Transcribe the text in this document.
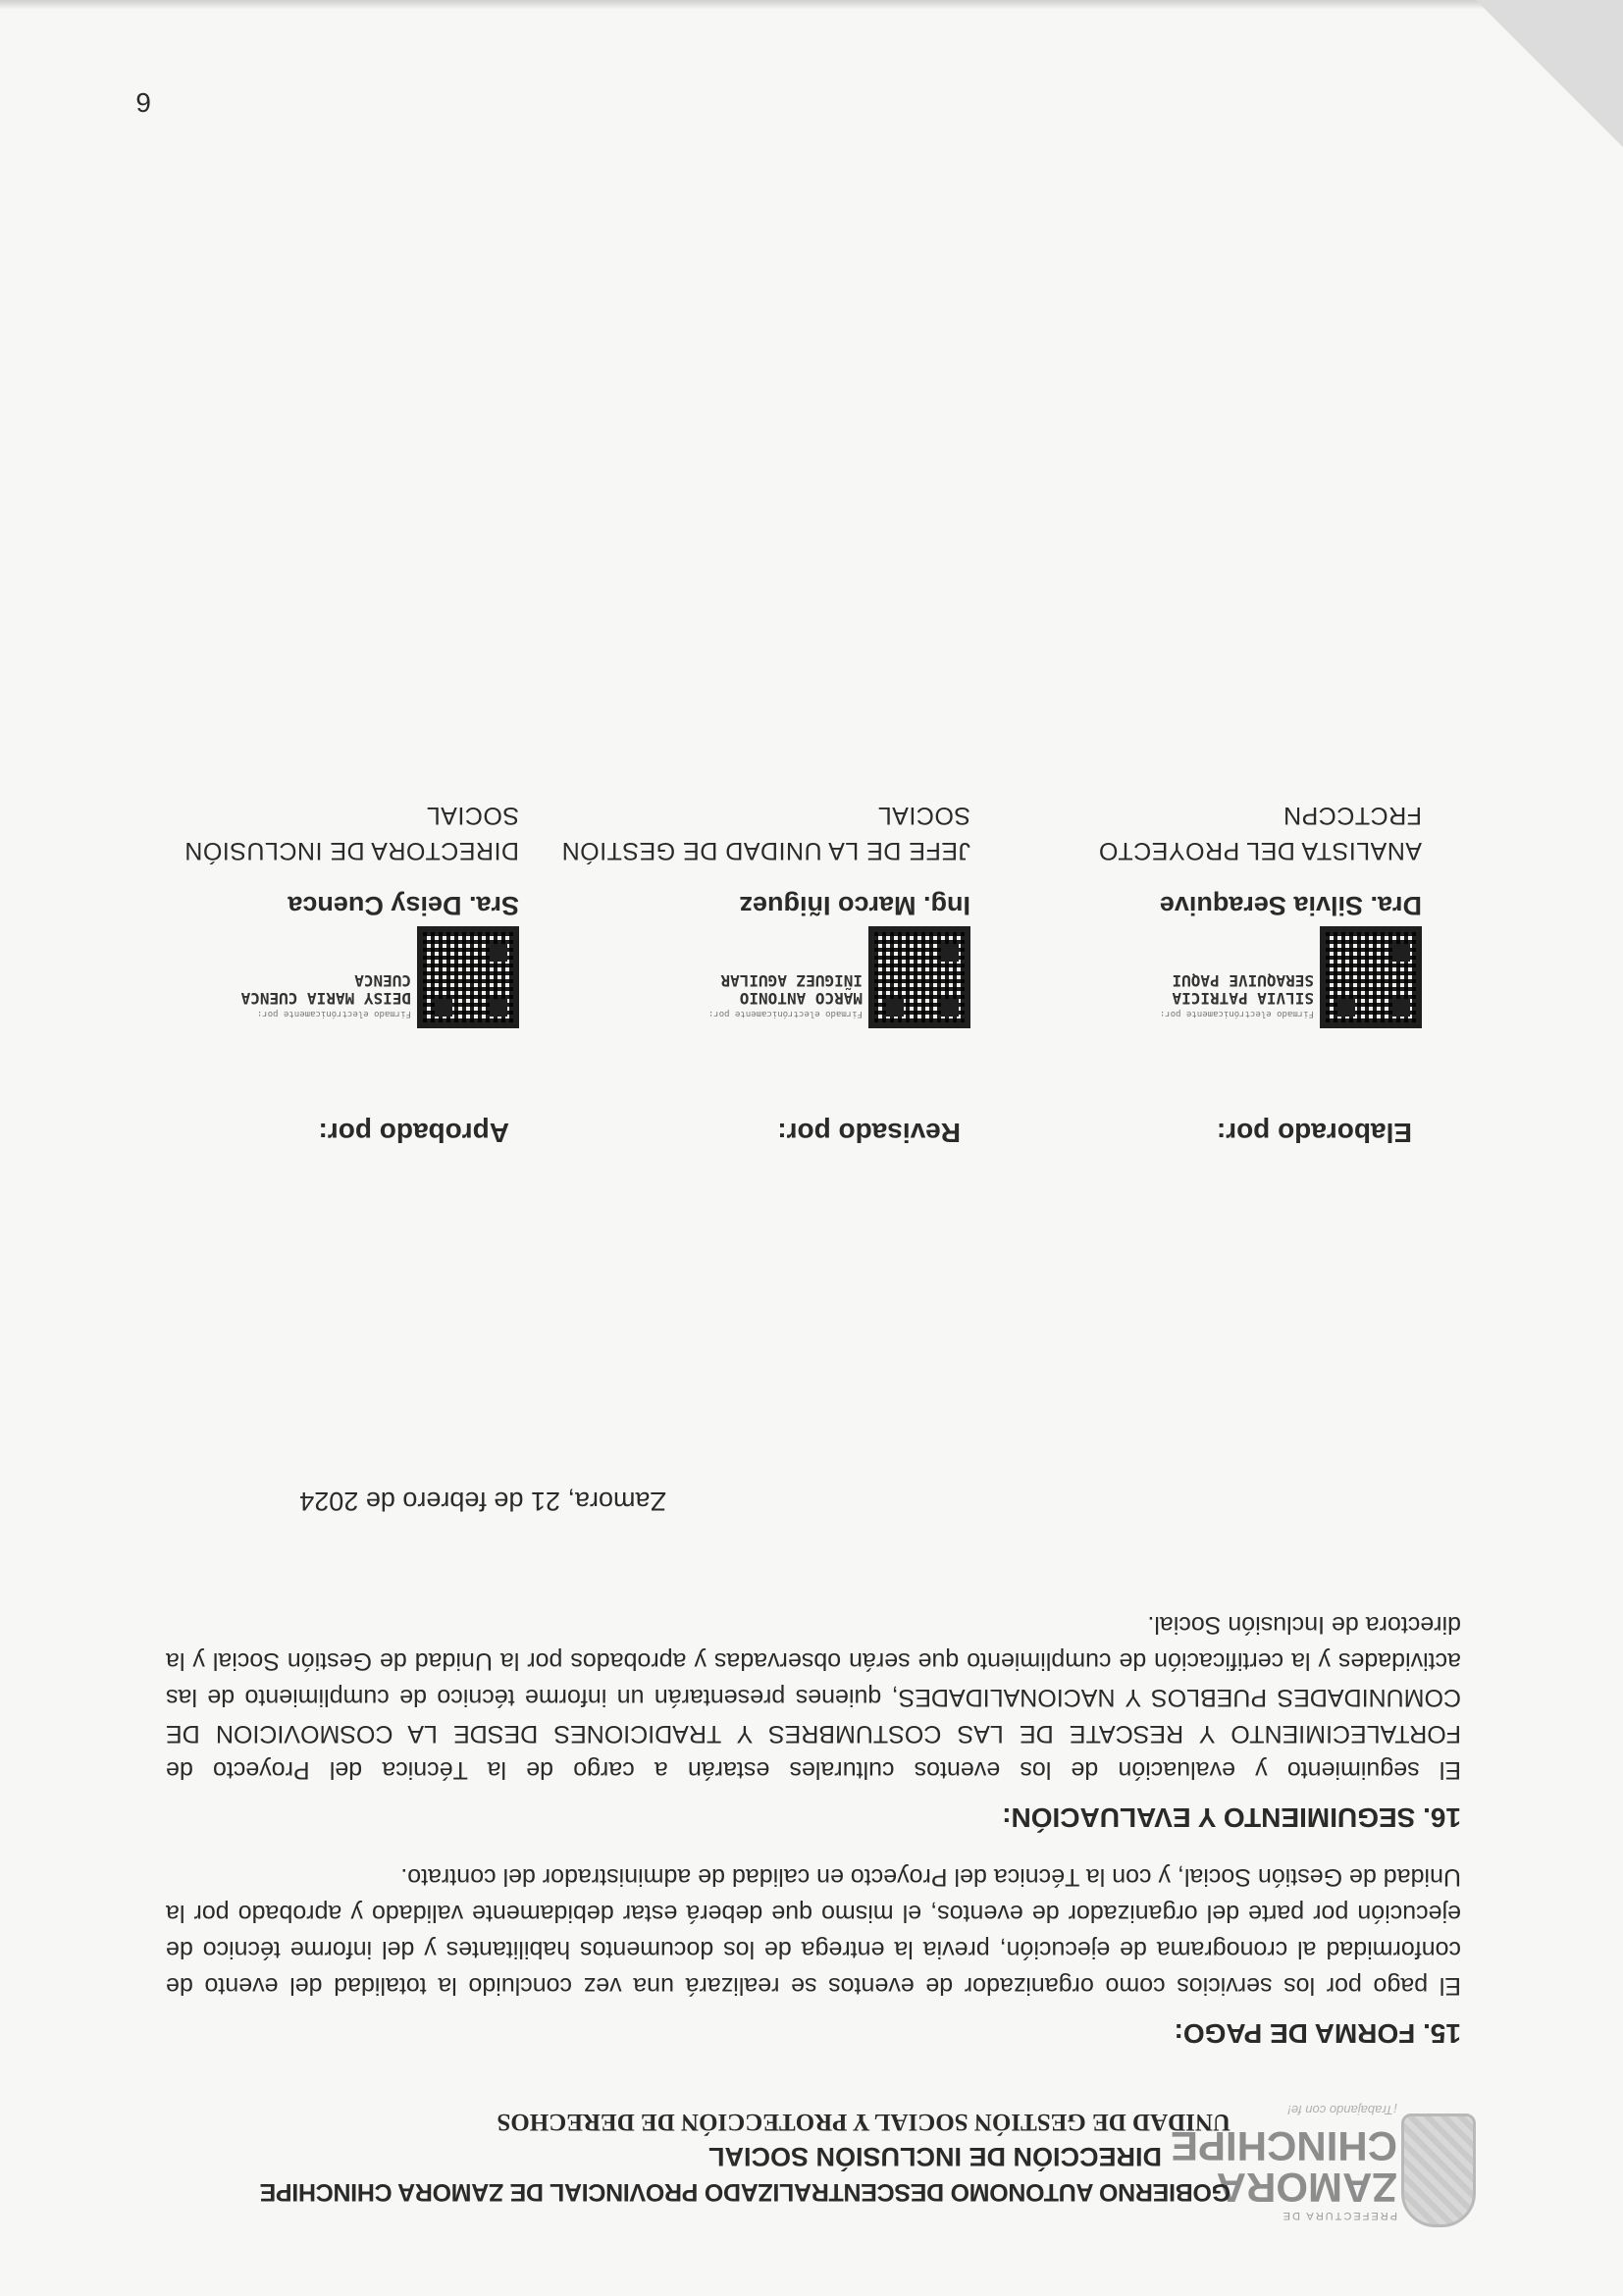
PREFECTURA DE
ZAMORA
CHINCHIPE
¡Trabajando con fe!
GOBIERNO AUTONOMO DESCENTRALIZADO PROVINCIAL DE ZAMORA CHINCHIPE
DIRECCIÓN DE INCLUSIÓN SOCIAL
UNIDAD DE GESTIÓN SOCIAL Y PROTECCIÓN DE DERECHOS
15. FORMA DE PAGO:

El pago por los servicios como organizador de eventos se realizará una vez concluido la totalidad del evento de conformidad al cronograma de ejecución, previa la entrega de los documentos habilitantes y del informe técnico de ejecución por parte del organizador de eventos, el mismo que deberá estar debidamente validado y aprobado por la Unidad de Gestión Social, y con la Técnica del Proyecto en calidad de administrador del contrato.

16. SEGUIMIENTO Y EVALUACIÓN:

El seguimiento y evaluación de los eventos culturales estarán a cargo de la Técnica del Proyecto de FORTALECIMIENTO Y RESCATE DE LAS COSTUMBRES Y TRADICIONES DESDE LA COSMOVICION DE COMUNIDADES PUEBLOS Y NACIONALIDADES, quienes presentarán un informe técnico de cumplimiento de las actividades y la certificación de cumplimiento que serán observadas y aprobados por la Unidad de Gestión Social y la directora de Inclusión Social.

Zamora, 21 de febrero de 2024
Elaborado por:
Firmado electrónicamente por:
SILVIA PATRICIA SERAQUIVE PAQUI
Dra. Silvia Seraquive
ANALISTA DEL PROYECTO
FRCTCCPN
Revisado por:
Firmado electrónicamente por:
MARCO ANTONIO IÑIGUEZ AGUILAR
Ing. Marco Iñiguez
JEFE DE LA UNIDAD DE GESTIÓN
SOCIAL
Aprobado por:
Firmado electrónicamente por:
DEISY MARIA CUENCA CUENCA
Sra. Deisy Cuenca
DIRECTORA DE INCLUSIÓN
SOCIAL
6
